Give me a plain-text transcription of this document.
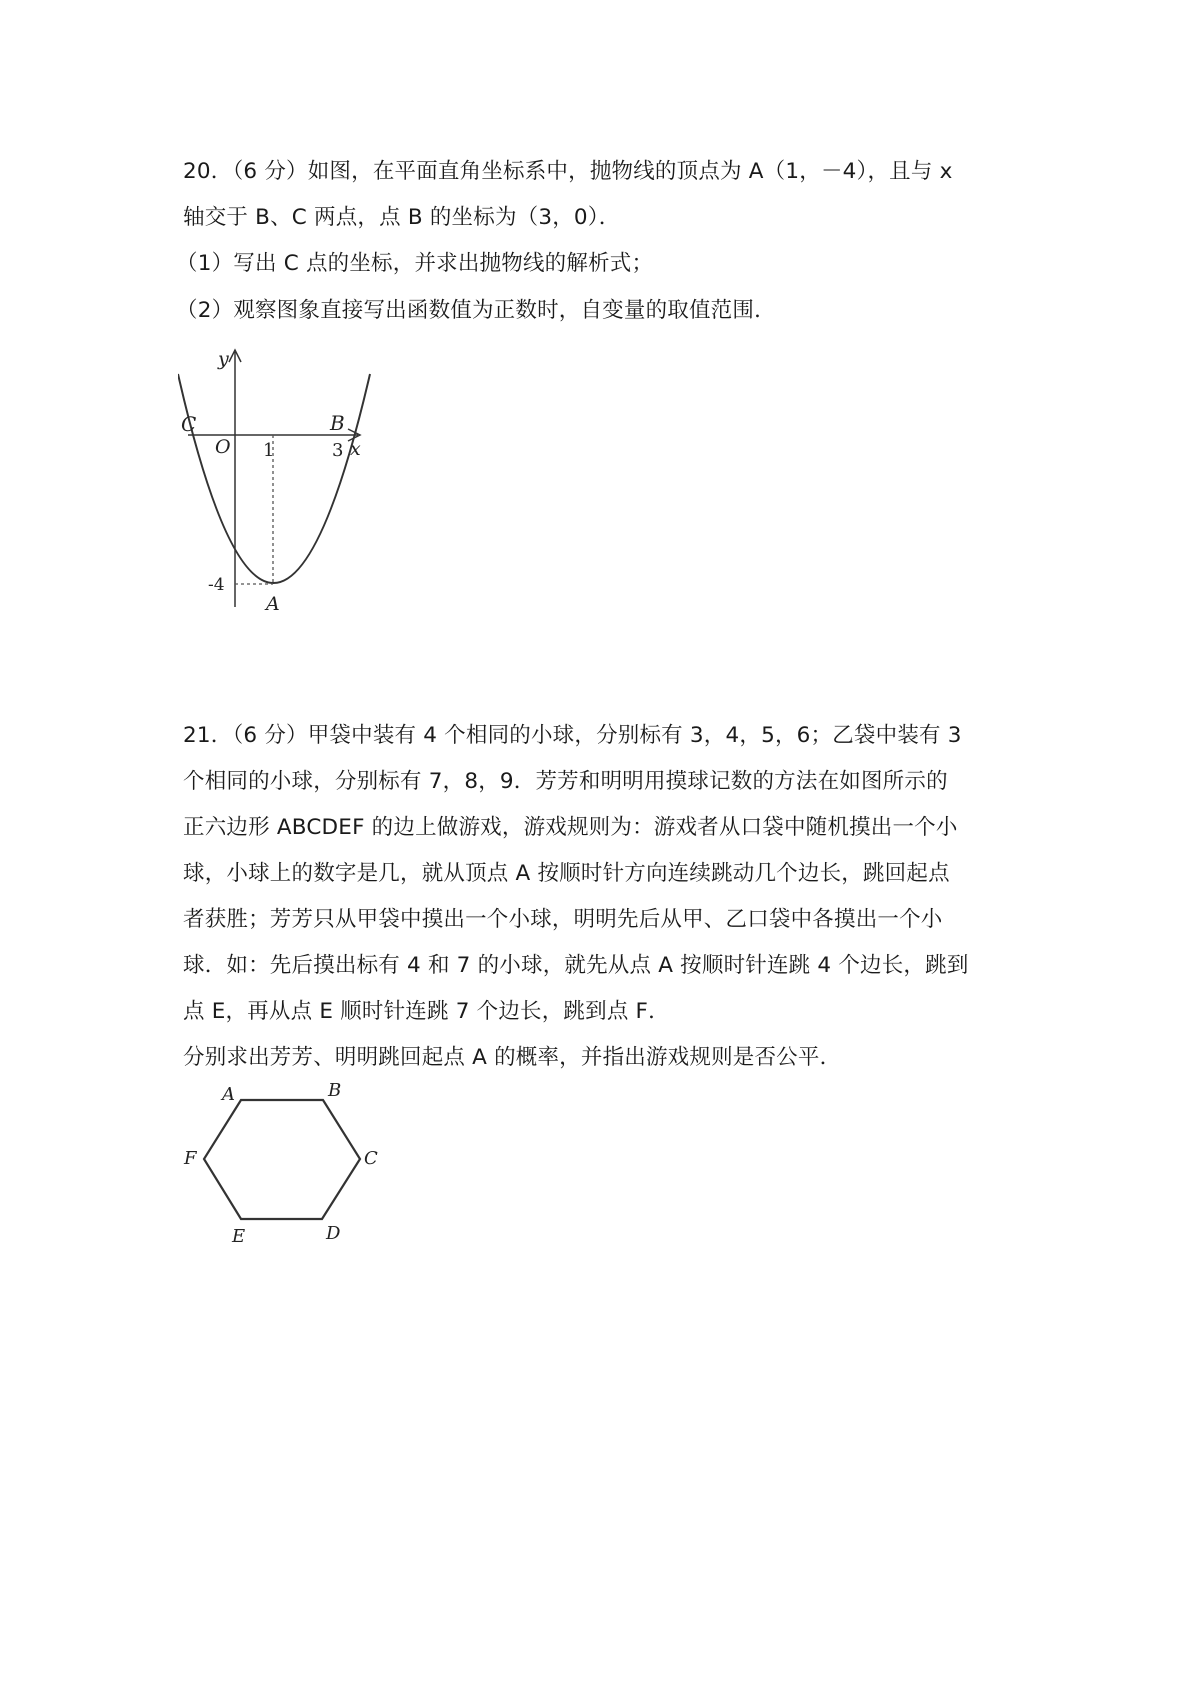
20．（6 分）如图，在平面直角坐标系中，抛物线的顶点为 A（1，－4），且与 x
轴交于 B、C 两点，点 B 的坐标为（3，0）．
（1）写出 C 点的坐标，并求出抛物线的解析式；
（2）观察图象直接写出函数值为正数时，自变量的取值范围．
y
x
O
C	B
A
1	3
-4
21．（6 分）甲袋中装有 4 个相同的小球，分别标有 3，4，5，6；乙袋中装有 3
个相同的小球，分别标有 7，8，9．芳芳和明明用摸球记数的方法在如图所示的
正六边形 ABCDEF 的边上做游戏，游戏规则为：游戏者从口袋中随机摸出一个小
球，小球上的数字是几，就从顶点 A 按顺时针方向连续跳动几个边长，跳回起点
者获胜；芳芳只从甲袋中摸出一个小球，明明先后从甲、乙口袋中各摸出一个小
球．如：先后摸出标有 4 和 7 的小球，就先从点 A 按顺时针连跳 4 个边长，跳到
点 E，再从点 E 顺时针连跳 7 个边长，跳到点 F．
分别求出芳芳、明明跳回起点 A 的概率，并指出游戏规则是否公平．
A	B
C
D
E
F
